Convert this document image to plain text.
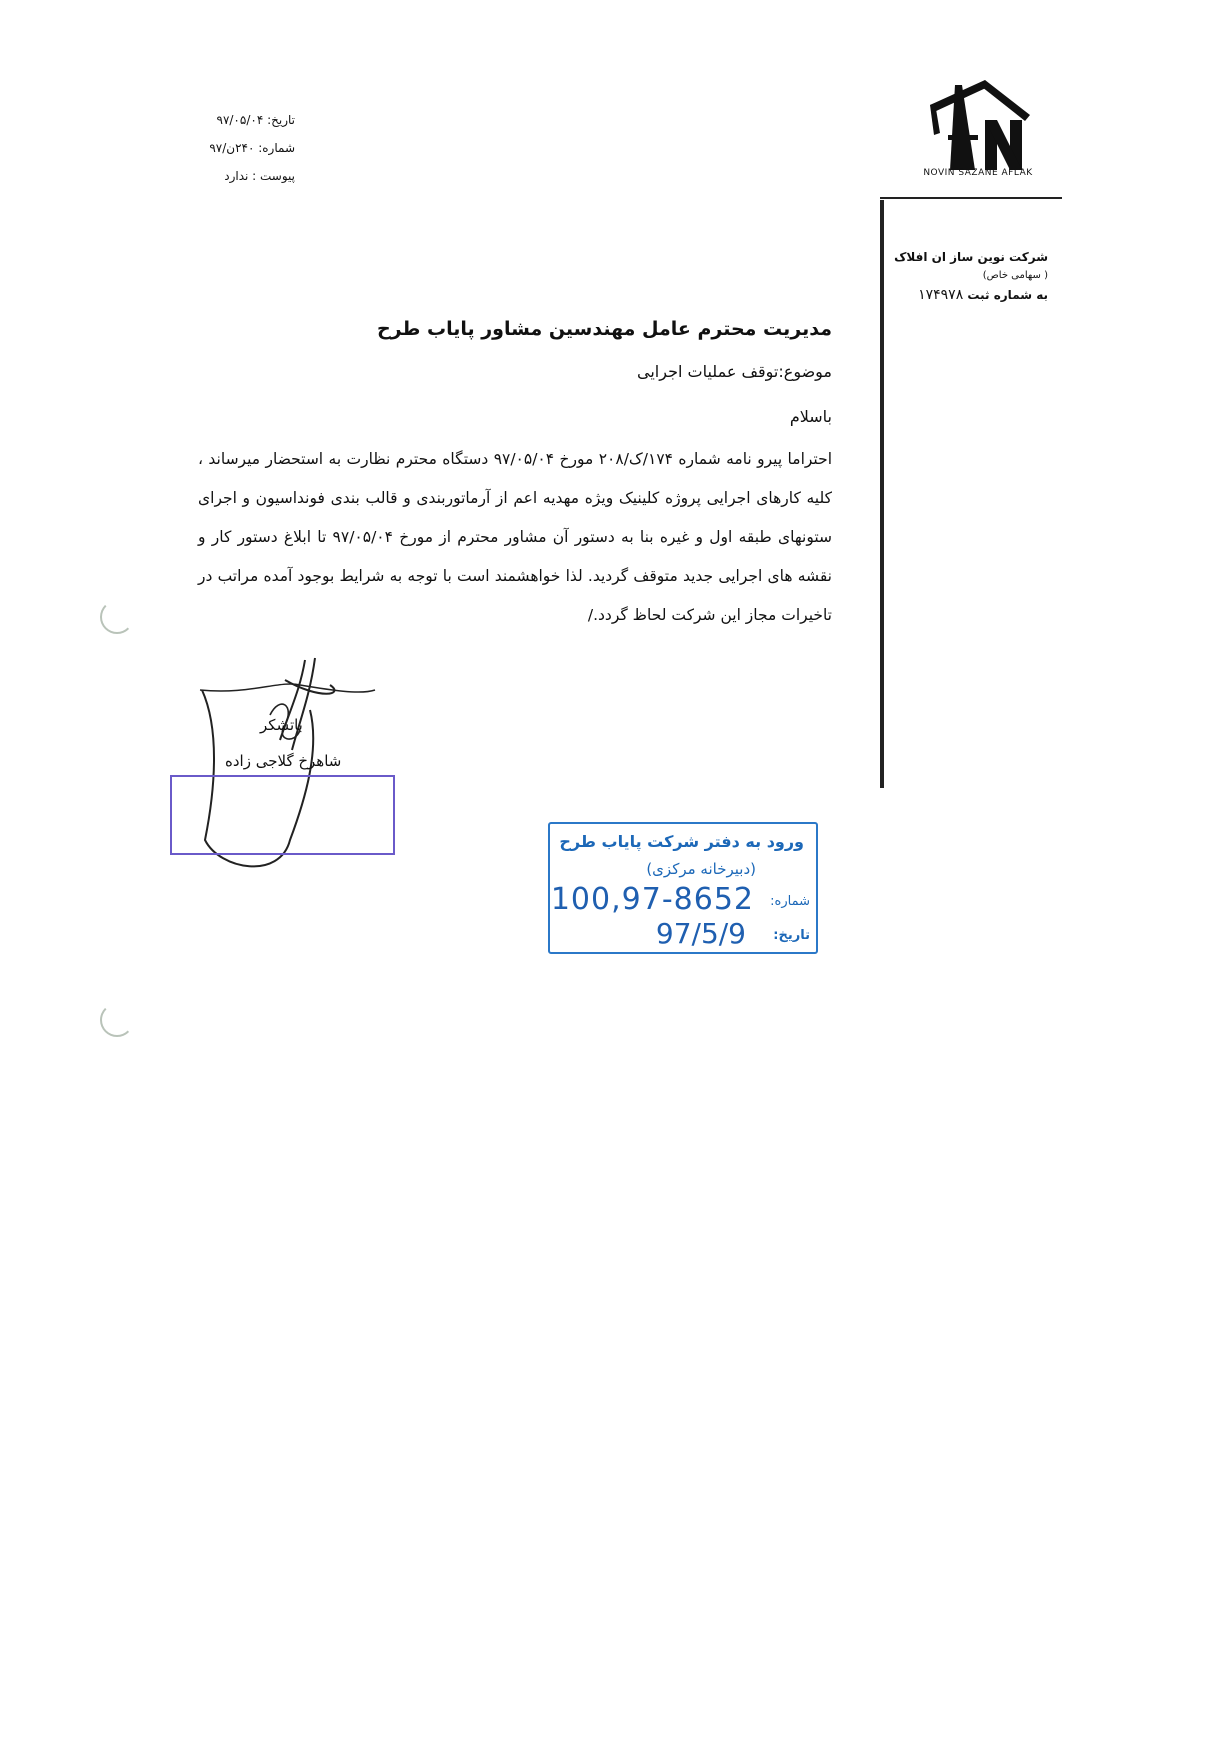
NOVIN SAZANE AFLAK
شرکت نوین ساز ان افلاک
( سهامی خاص)
به شماره ثبت ۱۷۴۹۷۸
تاریخ: ۹۷/۰۵/۰۴
شماره: ۲۴۰ن/۹۷
پیوست : ندارد
مدیریت محترم عامل مهندسین مشاور پایاب طرح
موضوع:توقف عملیات اجرایی
باسلام
احتراما پیرو نامه شماره ۱۷۴/ک/۲۰۸ مورخ ۹۷/۰۵/۰۴ دستگاه محترم نظارت به استحضار میرساند ، کلیه کارهای اجرایی پروژه کلینیک ویژه مهدیه اعم از آرماتوربندی و قالب بندی فونداسیون و اجرای ستونهای طبقه اول و غیره بنا به دستور آن مشاور محترم از مورخ ۹۷/۰۵/۰۴ تا ابلاغ دستور کار و نقشه های اجرایی جدید متوقف گردید. لذا خواهشمند است با توجه به شرایط بوجود آمده مراتب در تاخیرات مجاز این شرکت لحاظ گردد./
باتشکر
شاهرخ گلاجی زاده
ورود به دفتر شرکت پایاب طرح
(دبیرخانه مرکزی)
شماره:
100,97-8652
تاریخ:
97/5/9
